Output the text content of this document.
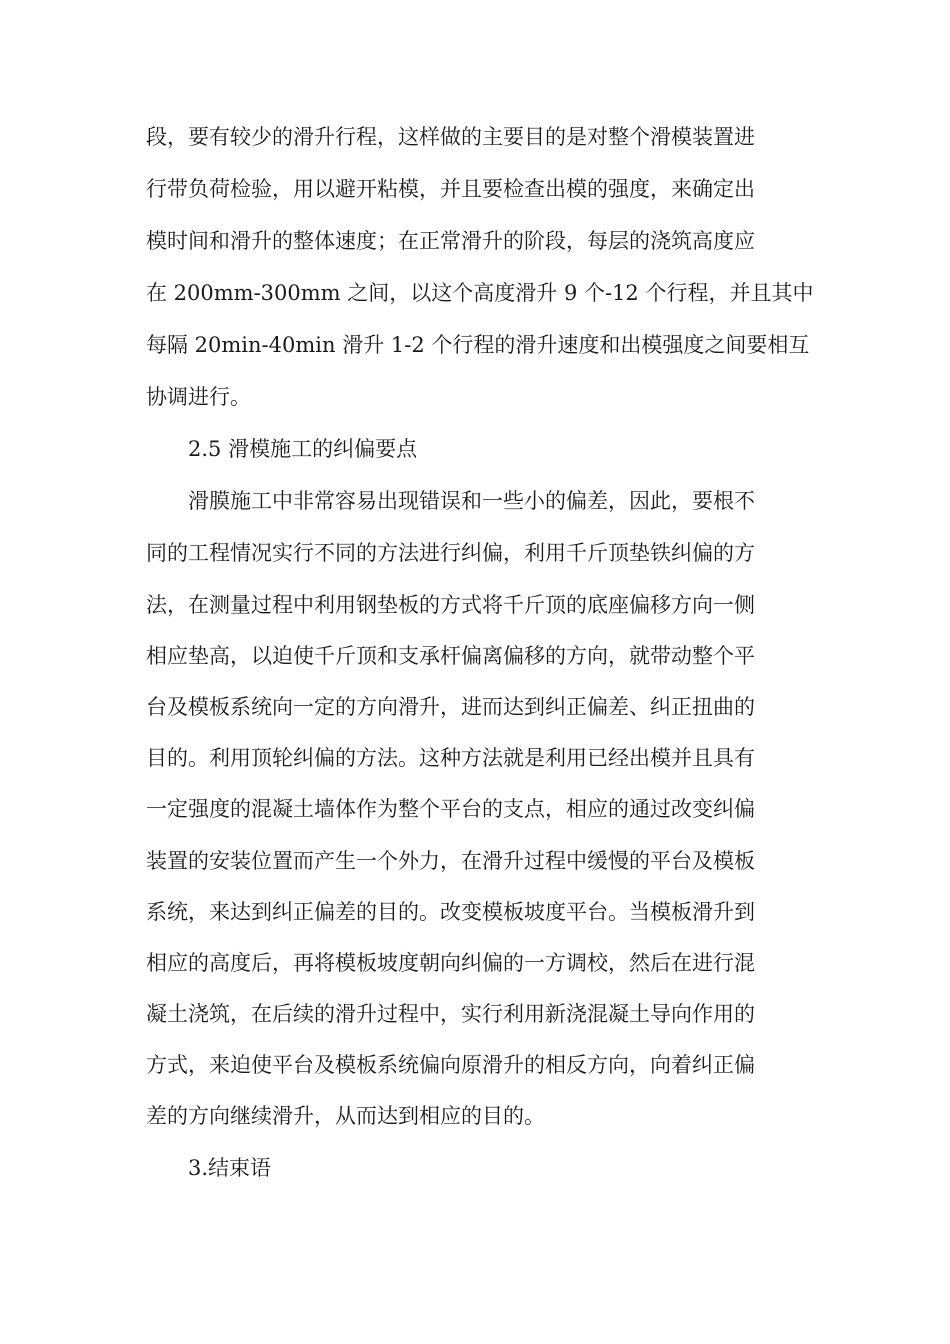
段，要有较少的滑升行程，这样做的主要目的是对整个滑模装置进
行带负荷检验，用以避开粘模，并且要检查出模的强度，来确定出
模时间和滑升的整体速度；在正常滑升的阶段，每层的浇筑高度应
在 200mm-300mm 之间，以这个高度滑升 9 个-12 个行程，并且其中
每隔 20min-40min 滑升 1-2 个行程的滑升速度和出模强度之间要相互
协调进行。
2.5 滑模施工的纠偏要点
滑膜施工中非常容易出现错误和一些小的偏差，因此，要根不
同的工程情况实行不同的方法进行纠偏，利用千斤顶垫铁纠偏的方
法，在测量过程中利用钢垫板的方式将千斤顶的底座偏移方向一侧
相应垫高，以迫使千斤顶和支承杆偏离偏移的方向，就带动整个平
台及模板系统向一定的方向滑升，进而达到纠正偏差、纠正扭曲的
目的。利用顶轮纠偏的方法。这种方法就是利用已经出模并且具有
一定强度的混凝土墙体作为整个平台的支点，相应的通过改变纠偏
装置的安装位置而产生一个外力，在滑升过程中缓慢的平台及模板
系统，来达到纠正偏差的目的。改变模板坡度平台。当模板滑升到
相应的高度后，再将模板坡度朝向纠偏的一方调校，然后在进行混
凝土浇筑，在后续的滑升过程中，实行利用新浇混凝土导向作用的
方式，来迫使平台及模板系统偏向原滑升的相反方向，向着纠正偏
差的方向继续滑升，从而达到相应的目的。
3.结束语
